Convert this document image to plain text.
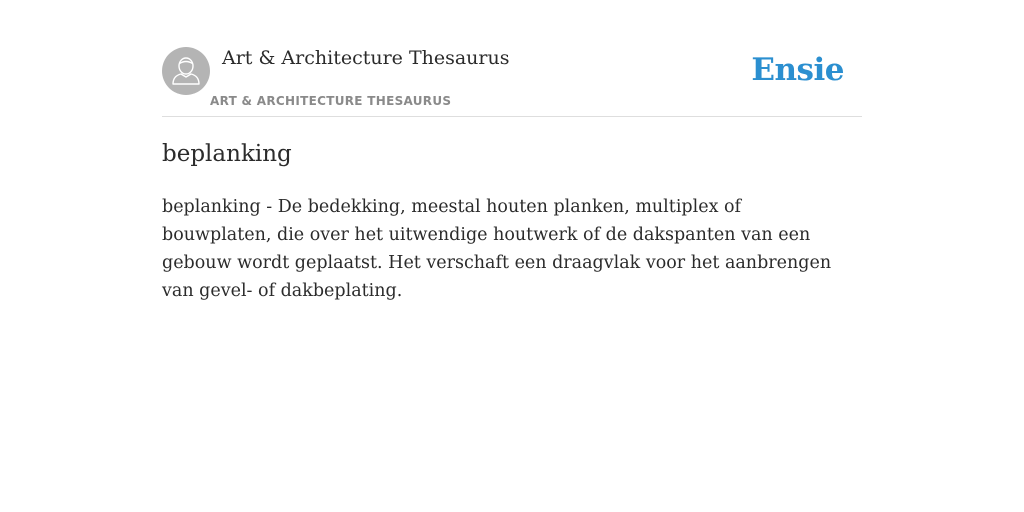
Art & Architecture Thesaurus
ART & ARCHITECTURE THESAURUS
Ensie
beplanking

beplanking - De bedekking, meestal houten planken, multiplex of bouwplaten, die over het uitwendige houtwerk of de dakspanten van een gebouw wordt geplaatst. Het verschaft een draagvlak voor het aanbrengen van gevel- of dakbeplating.
